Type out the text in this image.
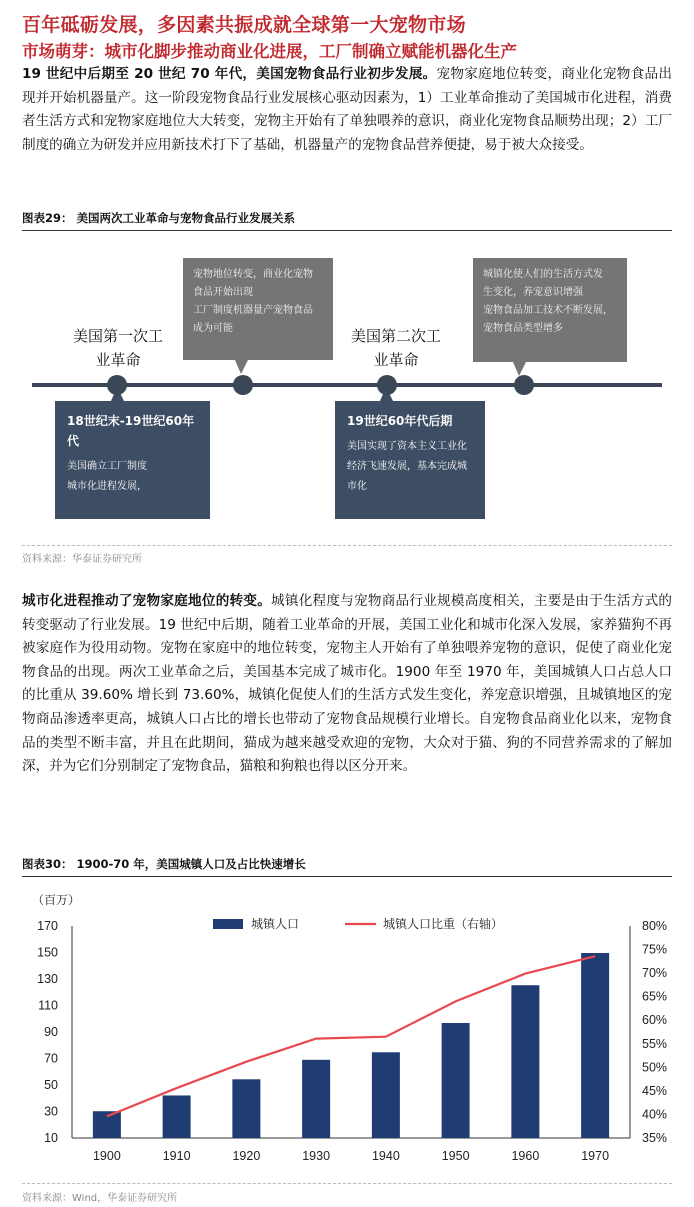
百年砥砺发展，多因素共振成就全球第一大宠物市场
市场萌芽：城市化脚步推动商业化进展，工厂制确立赋能机器化生产
19 世纪中后期至 20 世纪 70 年代，美国宠物食品行业初步发展。宠物家庭地位转变，商业化宠物食品出现并开始机器量产。这一阶段宠物食品行业发展核心驱动因素为，1）工业革命推动了美国城市化进程，消费者生活方式和宠物家庭地位大大转变，宠物主开始有了单独喂养的意识，商业化宠物食品顺势出现；2）工厂制度的确立为研发并应用新技术打下了基础，机器量产的宠物食品营养便捷，易于被大众接受。
图表29： 美国两次工业革命与宠物食品行业发展关系
宠物地位转变，商业化宠物
食品开始出现
工厂制度机器量产宠物食品
成为可能
城镇化使人们的生活方式发
生变化，养宠意识增强
宠物食品加工技术不断发展，
宠物食品类型增多
美国第一次工
业革命
美国第二次工
业革命
18世纪末-19世纪60年代
美国确立工厂制度
城市化进程发展，
19世纪60年代后期
美国实现了资本主义工业化
经济飞速发展，基本完成城
市化
资料来源：华泰证券研究所
城市化进程推动了宠物家庭地位的转变。城镇化程度与宠物商品行业规模高度相关，主要是由于生活方式的转变驱动了行业发展。19 世纪中后期，随着工业革命的开展，美国工业化和城市化深入发展，家养猫狗不再被家庭作为役用动物。宠物在家庭中的地位转变，宠物主人开始有了单独喂养宠物的意识，促使了商业化宠物食品的出现。两次工业革命之后，美国基本完成了城市化。1900 年至 1970 年，美国城镇人口占总人口的比重从 39.60% 增长到 73.60%，城镇化促使人们的生活方式发生变化，养宠意识增强，且城镇地区的宠物商品渗透率更高，城镇人口占比的增长也带动了宠物食品规模行业增长。自宠物食品商业化以来，宠物食品的类型不断丰富，并且在此期间，猫成为越来越受欢迎的宠物，大众对于猫、狗的不同营养需求的了解加深，并为它们分别制定了宠物食品，猫粮和狗粮也得以区分开来。
图表30： 1900-70 年，美国城镇人口及占比快速增长
（百万）
10
30
50
70
90
110
130
150
170
35%
40%
45%
50%
55%
60%
65%
70%
75%
80%
1900	1910	1920	1930	1940	1950	1960	1970
城镇人口	城镇人口比重（右轴）
资料来源：Wind，华泰证券研究所
